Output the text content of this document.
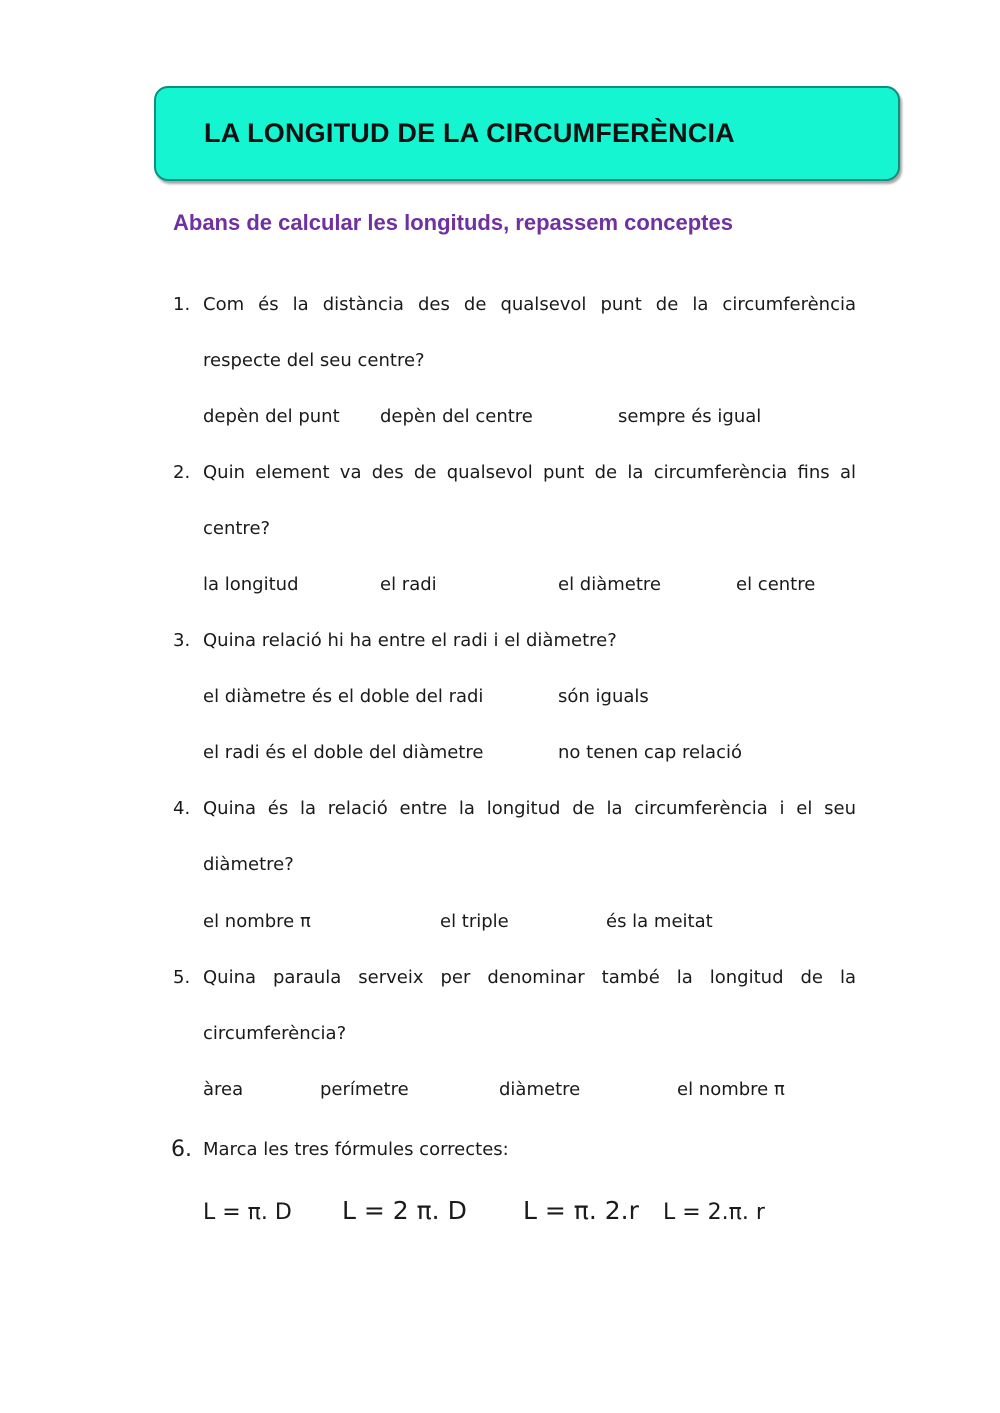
LA LONGITUD DE LA CIRCUMFERÈNCIA
Abans de calcular les longituds, repassem conceptes
1. Com és la distància des de qualsevol punt de la circumferència respecte del seu centre?
depèn del punt depèn del centre	sempre és igual
2. Quin element va des de qualsevol punt de la circumferència fins al centre?
la longitud	el radi	el diàmetre	el centre
3. Quina relació hi ha entre el radi i el diàmetre?
el diàmetre és el doble del radi	són iguals
el radi és el doble del diàmetre	no tenen cap relació
4. Quina és la relació entre la longitud de la circumferència i el seu diàmetre?
el nombre π	el triple	és la meitat
5. Quina paraula serveix per denominar també la longitud de la circumferència?
àrea	perímetre	diàmetre	el nombre π
6. Marca les tres fórmules correctes:
L = π. D L = 2 π. D L = π. 2.r L = 2.π. r
